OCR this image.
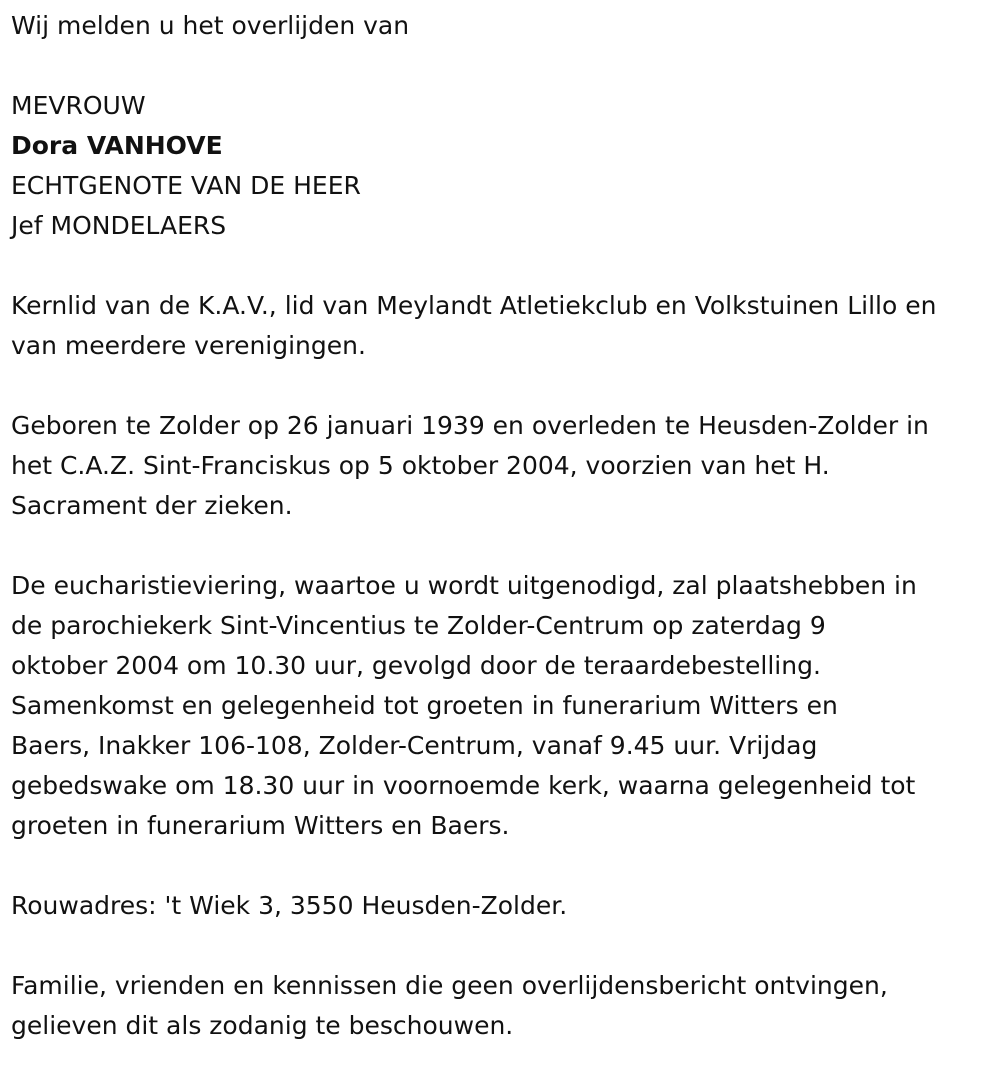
Wij melden u het overlijden van

MEVROUW

Dora VANHOVE

ECHTGENOTE VAN DE HEER

Jef MONDELAERS

Kernlid van de K.A.V., lid van Meylandt Atletiekclub en Volkstuinen Lillo en

van meerdere verenigingen.

Geboren te Zolder op 26 januari 1939 en overleden te Heusden-Zolder in

het C.A.Z. Sint-Franciskus op 5 oktober 2004, voorzien van het H.

Sacrament der zieken.

De eucharistieviering, waartoe u wordt uitgenodigd, zal plaatshebben in

de parochiekerk Sint-Vincentius te Zolder-Centrum op zaterdag 9

oktober 2004 om 10.30 uur, gevolgd door de teraardebestelling.

Samenkomst en gelegenheid tot groeten in funerarium Witters en

Baers, Inakker 106-108, Zolder-Centrum, vanaf 9.45 uur. Vrijdag

gebedswake om 18.30 uur in voornoemde kerk, waarna gelegenheid tot

groeten in funerarium Witters en Baers.

Rouwadres: 't Wiek 3, 3550 Heusden-Zolder.

Familie, vrienden en kennissen die geen overlijdensbericht ontvingen,

gelieven dit als zodanig te beschouwen.
